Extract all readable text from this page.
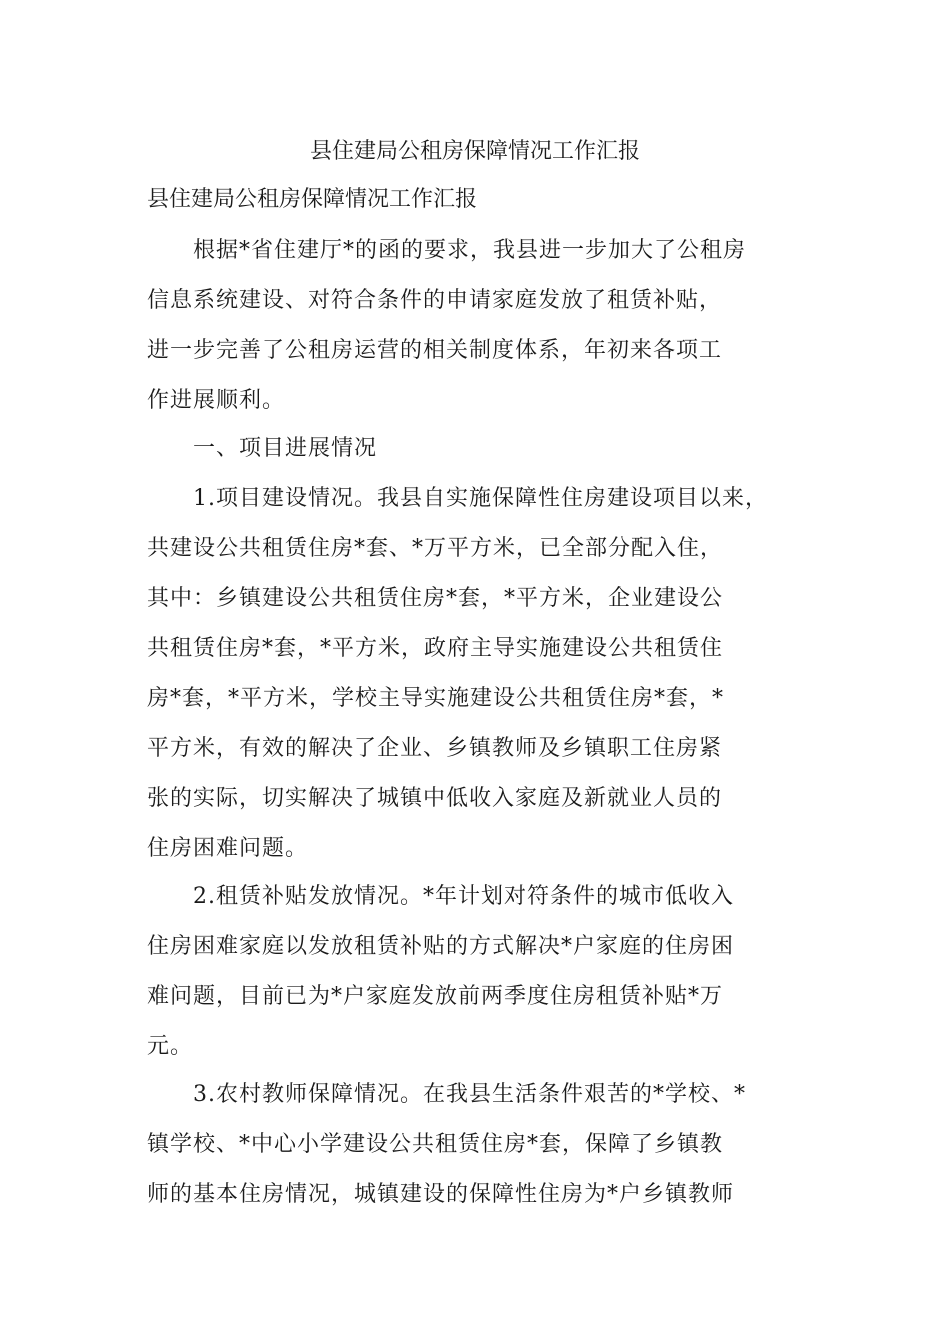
县住建局公租房保障情况工作汇报
县住建局公租房保障情况工作汇报
　　根据*省住建厅*的函的要求，我县进一步加大了公租房
信息系统建设、对符合条件的申请家庭发放了租赁补贴，
进一步完善了公租房运营的相关制度体系，年初来各项工
作进展顺利。
　　一、项目进展情况
　　1.项目建设情况。我县自实施保障性住房建设项目以来，
共建设公共租赁住房*套、*万平方米，已全部分配入住，
其中：乡镇建设公共租赁住房*套，*平方米，企业建设公
共租赁住房*套，*平方米，政府主导实施建设公共租赁住
房*套，*平方米，学校主导实施建设公共租赁住房*套，*
平方米，有效的解决了企业、乡镇教师及乡镇职工住房紧
张的实际，切实解决了城镇中低收入家庭及新就业人员的
住房困难问题。
　　2.租赁补贴发放情况。*年计划对符条件的城市低收入
住房困难家庭以发放租赁补贴的方式解决*户家庭的住房困
难问题，目前已为*户家庭发放前两季度住房租赁补贴*万
元。
　　3.农村教师保障情况。在我县生活条件艰苦的*学校、*
镇学校、*中心小学建设公共租赁住房*套，保障了乡镇教
师的基本住房情况，城镇建设的保障性住房为*户乡镇教师
